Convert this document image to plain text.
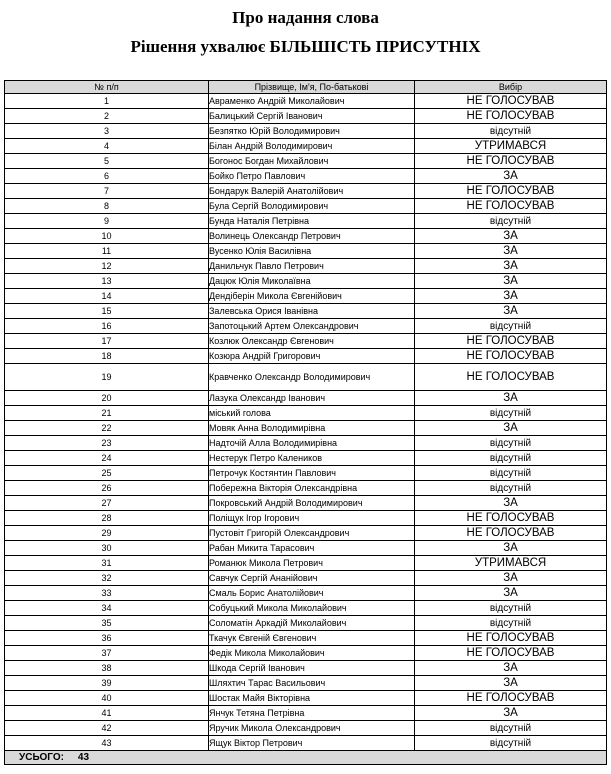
Про надання слова
Рішення ухвалює БІЛЬШІСТЬ ПРИСУТНІХ
№ п/п	Прізвище, Ім'я, По-батькові	Вибір
1	Авраменко Андрій Миколайович	НЕ ГОЛОСУВАВ
2	Балицький Сергій Іванович	НЕ ГОЛОСУВАВ
3	Безпятко Юрій Володимирович	відсутній
4	Білан Андрій Володимирович	УТРИМАВСЯ
5	Богонос Богдан Михайлович	НЕ ГОЛОСУВАВ
6	Бойко Петро Павлович	ЗА
7	Бондарук Валерій Анатолійович	НЕ ГОЛОСУВАВ
8	Була Сергій Володимирович	НЕ ГОЛОСУВАВ
9	Бунда Наталія Петрівна	відсутній
10	Волинець Олександр Петрович	ЗА
11	Вусенко Юлія Василівна	ЗА
12	Данильчук Павло Петрович	ЗА
13	Дацюк Юлія Миколаївна	ЗА
14	Дендіберін Микола Євгенійович	ЗА
15	Залевська Орися Іванівна	ЗА
16	Запотоцький Артем Олександрович	відсутній
17	Козлюк Олександр Євгенович	НЕ ГОЛОСУВАВ
18	Козюра Андрій Григорович	НЕ ГОЛОСУВАВ
19	Кравченко Олександр Володимирович	НЕ ГОЛОСУВАВ
20	Лазука Олександр Іванович	ЗА
21	міський голова	відсутній
22	Мовяк Анна Володимирівна	ЗА
23	Надточій Алла Володимирівна	відсутній
24	Нестерук Петро Калеников	відсутній
25	Петрочук Костянтин Павлович	відсутній
26	Побережна Вікторія Олександрівна	відсутній
27	Покровський Андрій Володимирович	ЗА
28	Поліщук Ігор Ігорович	НЕ ГОЛОСУВАВ
29	Пустовіт Григорій Олександрович	НЕ ГОЛОСУВАВ
30	Рабан Микита Тарасович	ЗА
31	Романюк Микола Петрович	УТРИМАВСЯ
32	Савчук Сергій Ананійович	ЗА
33	Смаль Борис Анатолійович	ЗА
34	Собуцький Микола Миколайович	відсутній
35	Соломатін Аркадій Миколайович	відсутній
36	Ткачук Євгеній Євгенович	НЕ ГОЛОСУВАВ
37	Федік Микола Миколайович	НЕ ГОЛОСУВАВ
38	Шкода Сергій Іванович	ЗА
39	Шляхтич Тарас Васильович	ЗА
40	Шостак Майя Вікторівна	НЕ ГОЛОСУВАВ
41	Янчук Тетяна Петрівна	ЗА
42	Яручик Микола Олександрович	відсутній
43	Ящук Віктор Петрович	відсутній
УСЬОГО: 43		
